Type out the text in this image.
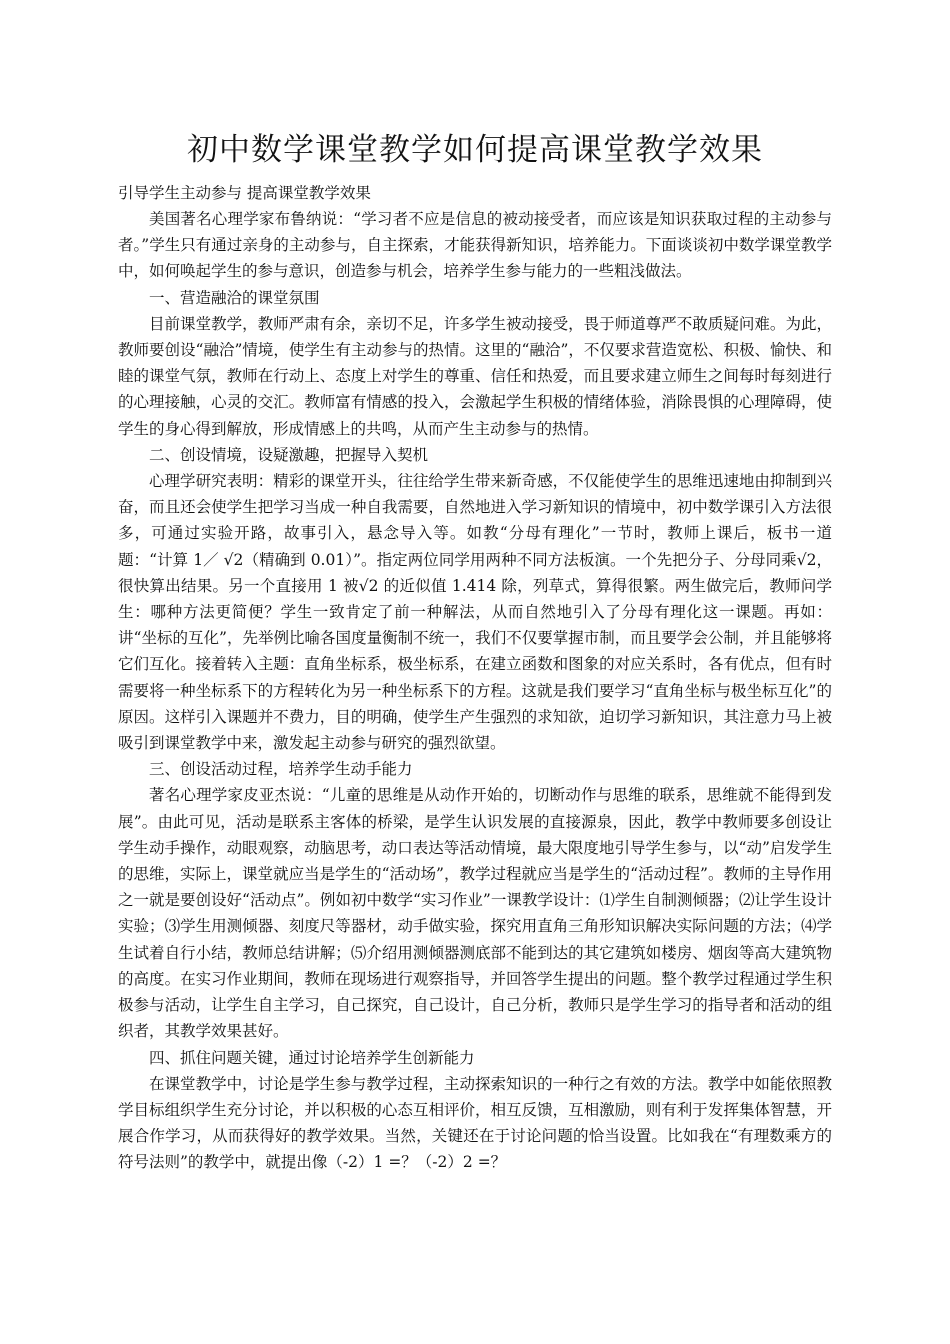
初中数学课堂教学如何提高课堂教学效果

引导学生主动参与 提高课堂教学效果

美国著名心理学家布鲁纳说：“学习者不应是信息的被动接受者，而应该是知识获取过程的主动参与者。”学生只有通过亲身的主动参与，自主探索，才能获得新知识，培养能力。下面谈谈初中数学课堂教学中，如何唤起学生的参与意识，创造参与机会，培养学生参与能力的一些粗浅做法。

一、营造融洽的课堂氛围

目前课堂教学，教师严肃有余，亲切不足，许多学生被动接受，畏于师道尊严不敢质疑问难。为此，教师要创设“融洽”情境，使学生有主动参与的热情。这里的“融洽”，不仅要求营造宽松、积极、愉快、和睦的课堂气氛，教师在行动上、态度上对学生的尊重、信任和热爱，而且要求建立师生之间每时每刻进行的心理接触，心灵的交汇。教师富有情感的投入，会激起学生积极的情绪体验，消除畏惧的心理障碍，使学生的身心得到解放，形成情感上的共鸣，从而产生主动参与的热情。

二、创设情境，设疑激趣，把握导入契机

心理学研究表明：精彩的课堂开头，往往给学生带来新奇感，不仅能使学生的思维迅速地由抑制到兴奋，而且还会使学生把学习当成一种自我需要，自然地进入学习新知识的情境中，初中数学课引入方法很多，可通过实验开路，故事引入，悬念导入等。如教“分母有理化”一节时，教师上课后，板书一道题：“计算 1／ √2（精确到 0.01）”。指定两位同学用两种不同方法板演。一个先把分子、分母同乘√2，很快算出结果。另一个直接用 1 被√2 的近似值 1.414 除，列草式，算得很繁。两生做完后，教师问学生：哪种方法更简便？学生一致肯定了前一种解法，从而自然地引入了分母有理化这一课题。再如：讲“坐标的互化”，先举例比喻各国度量衡制不统一，我们不仅要掌握市制，而且要学会公制，并且能够将它们互化。接着转入主题：直角坐标系，极坐标系，在建立函数和图象的对应关系时，各有优点，但有时需要将一种坐标系下的方程转化为另一种坐标系下的方程。这就是我们要学习“直角坐标与极坐标互化”的原因。这样引入课题并不费力，目的明确，使学生产生强烈的求知欲，迫切学习新知识，其注意力马上被吸引到课堂教学中来，激发起主动参与研究的强烈欲望。

三、创设活动过程，培养学生动手能力

著名心理学家皮亚杰说：“儿童的思维是从动作开始的，切断动作与思维的联系，思维就不能得到发展”。由此可见，活动是联系主客体的桥梁，是学生认识发展的直接源泉，因此，教学中教师要多创设让学生动手操作，动眼观察，动脑思考，动口表达等活动情境，最大限度地引导学生参与，以“动”启发学生的思维，实际上，课堂就应当是学生的“活动场”，教学过程就应当是学生的“活动过程”。教师的主导作用之一就是要创设好“活动点”。例如初中数学“实习作业”一课教学设计：⑴学生自制测倾器；⑵让学生设计实验；⑶学生用测倾器、刻度尺等器材，动手做实验，探究用直角三角形知识解决实际问题的方法；⑷学生试着自行小结，教师总结讲解；⑸介绍用测倾器测底部不能到达的其它建筑如楼房、烟囱等高大建筑物的高度。在实习作业期间，教师在现场进行观察指导，并回答学生提出的问题。整个教学过程通过学生积极参与活动，让学生自主学习，自己探究，自己设计，自己分析，教师只是学生学习的指导者和活动的组织者，其教学效果甚好。

四、抓住问题关键，通过讨论培养学生创新能力

在课堂教学中，讨论是学生参与教学过程，主动探索知识的一种行之有效的方法。教学中如能依照教学目标组织学生充分讨论，并以积极的心态互相评价，相互反馈，互相激励，则有利于发挥集体智慧，开展合作学习，从而获得好的教学效果。当然，关键还在于讨论问题的恰当设置。比如我在“有理数乘方的符号法则”的教学中，就提出像（-2）1 =？（-2）2 =？
